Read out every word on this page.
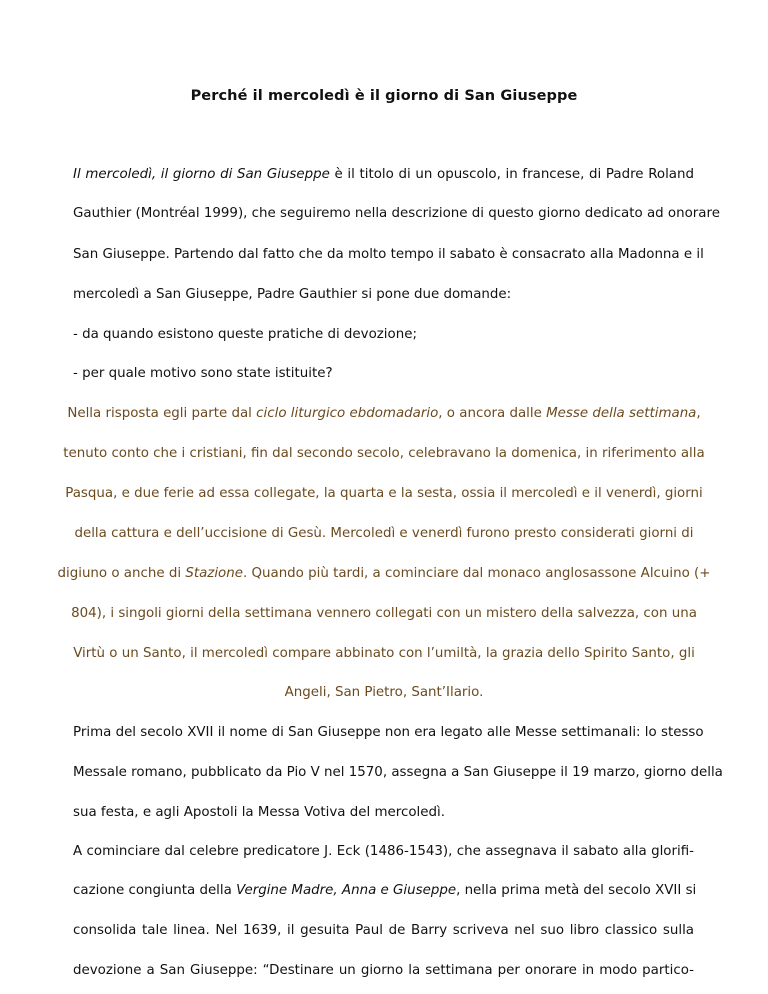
Perché il mercoledì è il giorno di San Giuseppe
Il mercoledì, il giorno di San Giuseppe è il titolo di un opuscolo, in francese, di Padre Roland
Gauthier (Montréal 1999), che seguiremo nella descrizione di questo giorno dedicato ad onorare
San Giuseppe. Partendo dal fatto che da molto tempo il sabato è consacrato alla Madonna e il
mercoledì a San Giuseppe, Padre Gauthier si pone due domande:
- da quando esistono queste pratiche di devozione;
- per quale motivo sono state istituite?
Nella risposta egli parte dal ciclo liturgico ebdomadario, o ancora dalle Messe della settimana,
tenuto conto che i cristiani, fin dal secondo secolo, celebravano la domenica, in riferimento alla
Pasqua, e due ferie ad essa collegate, la quarta e la sesta, ossia il mercoledì e il venerdì, giorni
della cattura e dell’uccisione di Gesù. Mercoledì e venerdì furono presto considerati giorni di
digiuno o anche di Stazione. Quando più tardi, a cominciare dal monaco anglosassone Alcuino (+
804), i singoli giorni della settimana vennero collegati con un mistero della salvezza, con una
Virtù o un Santo, il mercoledì compare abbinato con l’umiltà, la grazia dello Spirito Santo, gli
Angeli, San Pietro, Sant’Ilario.
Prima del secolo XVII il nome di San Giuseppe non era legato alle Messe settimanali: lo stesso
Messale romano, pubblicato da Pio V nel 1570, assegna a San Giuseppe il 19 marzo, giorno della
sua festa, e agli Apostoli la Messa Votiva del mercoledì.
A cominciare dal celebre predicatore J. Eck (1486-1543), che assegnava il sabato alla glorifi-
cazione congiunta della Vergine Madre, Anna e Giuseppe, nella prima metà del secolo XVII si
consolida tale linea. Nel 1639, il gesuita Paul de Barry scriveva nel suo libro classico sulla
devozione a San Giuseppe: “Destinare un giorno la settimana per onorare in modo partico-
